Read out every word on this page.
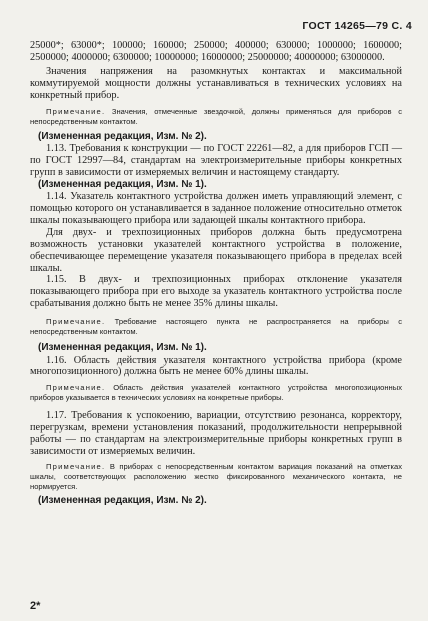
ГОСТ 14265—79 С. 4

25000*; 63000*; 100000; 160000; 250000; 400000; 630000; 1000000; 1600000; 2500000; 4000000; 6300000; 10000000; 16000000; 25000000; 40000000; 63000000.

Значения напряжения на разомкнутых контактах и максимальной коммутируемой мощности должны устанавливаться в технических условиях на конкретный прибор.

Примечание. Значения, отмеченные звездочкой, должны применяться для приборов с непосредственным контактом.

(Измененная редакция, Изм. № 2).

1.13. Требования к конструкции — по ГОСТ 22261—82, а для приборов ГСП — по ГОСТ 12997—84, стандартам на электроизмерительные приборы конкретных групп в зависимости от измеряемых величин и настоящему стандарту.

(Измененная редакция, Изм. № 1).

1.14. Указатель контактного устройства должен иметь управляющий элемент, с помощью которого он устанавливается в заданное положение относительно отметок шкалы показывающего прибора или задающей шкалы контактного прибора.

Для двух- и трехпозиционных приборов должна быть предусмотрена возможность установки указателей контактного устройства в положение, обеспечивающее перемещение указателя показывающего прибора в пределах всей шкалы.

1.15. В двух- и трехпозиционных приборах отклонение указателя показывающего прибора при его выходе за указатель контактного устройства после срабатывания должно быть не менее 35% длины шкалы.

Примечание. Требование настоящего пункта не распространяется на приборы с непосредственным контактом.

(Измененная редакция, Изм. № 1).

1.16. Область действия указателя контактного устройства прибора (кроме многопозиционного) должна быть не менее 60% длины шкалы.

Примечание. Область действия указателей контактного устройства многопозиционных приборов указывается в технических условиях на конкретные приборы.

1.17. Требования к успокоению, вариации, отсутствию резонанса, корректору, перегрузкам, времени установления показаний, продолжительности непрерывной работы — по стандартам на электроизмерительные приборы конкретных групп в зависимости от измеряемых величин.

Примечание. В приборах с непосредственным контактом вариация показаний на отметках шкалы, соответствующих расположению жестко фиксированного механического контакта, не нормируется.

(Измененная редакция, Изм. № 2).

2*
